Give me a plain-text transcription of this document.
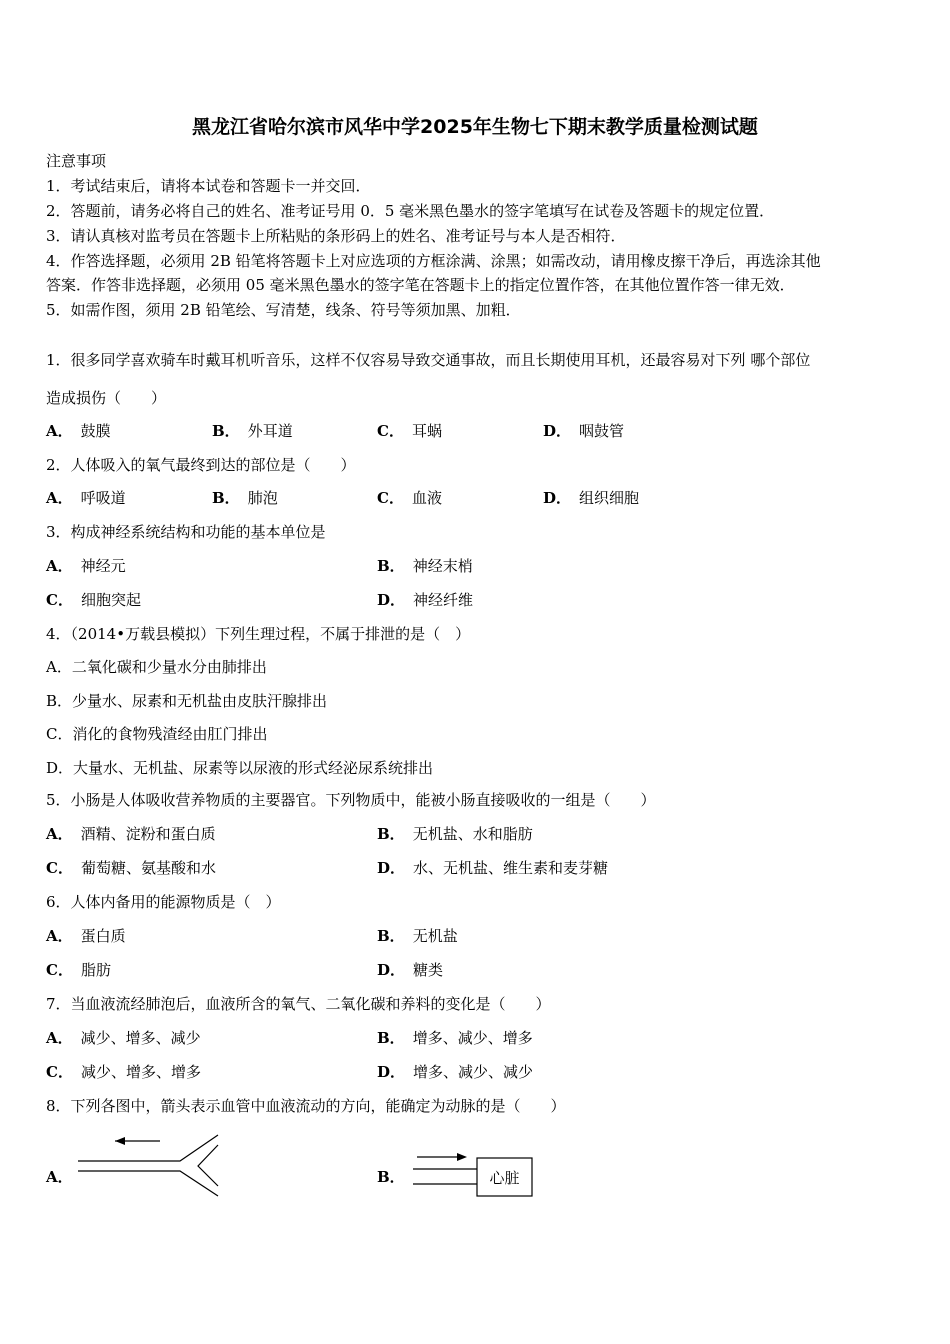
黑龙江省哈尔滨市风华中学2025年生物七下期末教学质量检测试题
注意事项
1．考试结束后，请将本试卷和答题卡一并交回．
2．答题前，请务必将自己的姓名、准考证号用 0．5 毫米黑色墨水的签字笔填写在试卷及答题卡的规定位置．
3．请认真核对监考员在答题卡上所粘贴的条形码上的姓名、准考证号与本人是否相符．
4．作答选择题，必须用 2B 铅笔将答题卡上对应选项的方框涂满、涂黑；如需改动，请用橡皮擦干净后，再选涂其他
答案．作答非选择题，必须用 05 毫米黑色墨水的签字笔在答题卡上的指定位置作答，在其他位置作答一律无效．
5．如需作图，须用 2B 铅笔绘、写清楚，线条、符号等须加黑、加粗．
1．很多同学喜欢骑车时戴耳机听音乐，这样不仅容易导致交通事故，而且长期使用耳机，还最容易对下列 哪个部位
造成损伤（　　）
A． 鼓膜	B． 外耳道	C． 耳蜗	D． 咽鼓管
2．人体吸入的氧气最终到达的部位是（　　）
A． 呼吸道	B． 肺泡	C． 血液	D． 组织细胞
3．构成神经系统结构和功能的基本单位是
A． 神经元	B． 神经末梢
C． 细胞突起	D． 神经纤维
4．（2014•万载县模拟）下列生理过程，不属于排泄的是（　）
A．二氧化碳和少量水分由肺排出
B．少量水、尿素和无机盐由皮肤汗腺排出
C．消化的食物残渣经由肛门排出
D．大量水、无机盐、尿素等以尿液的形式经泌尿系统排出
5．小肠是人体吸收营养物质的主要器官。下列物质中，能被小肠直接吸收的一组是（　　）
A． 酒精、淀粉和蛋白质	B． 无机盐、水和脂肪
C． 葡萄糖、氨基酸和水	D． 水、无机盐、维生素和麦芽糖
6．人体内备用的能源物质是（　）
A． 蛋白质	B． 无机盐
C． 脂肪	D． 糖类
7．当血液流经肺泡后，血液所含的氧气、二氧化碳和养料的变化是（　　）
A． 减少、增多、减少	B． 增多、减少、增多
C． 减少、增多、增多	D． 增多、减少、减少
8．下列各图中，箭头表示血管中血液流动的方向，能确定为动脉的是（　　）
A．	B．	心脏
